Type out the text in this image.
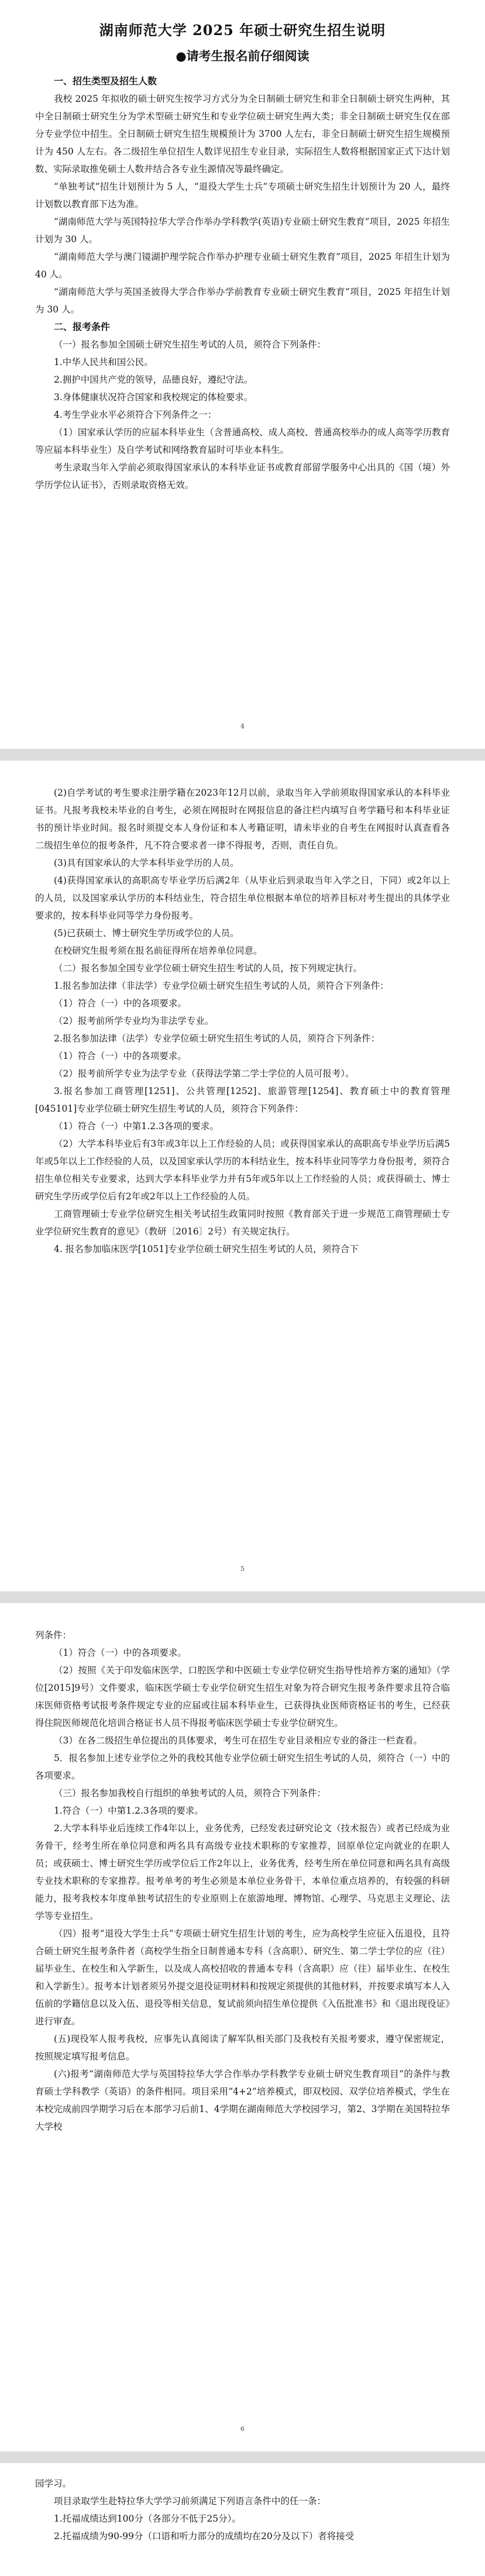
湖南师范大学 2025 年硕士研究生招生说明
●请考生报名前仔细阅读

一、招生类型及招生人数

我校 2025 年拟收的硕士研究生按学习方式分为全日制硕士研究生和非全日制硕士研究生两种，其中全日制硕士研究生分为学术型硕士研究生和专业学位硕士研究生两大类；非全日制硕士研究生仅在部分专业学位中招生。全日制硕士研究生招生规模预计为 3700 人左右，非全日制硕士研究生招生规模预计为 450 人左右。各二级招生单位招生人数详见招生专业目录，实际招生人数将根据国家正式下达计划数、实际录取推免硕士人数并结合各专业生源情况等最终确定。

“单独考试”招生计划预计为 5 人，“退役大学生士兵”专项硕士研究生招生计划预计为 20 人，最终计划数以教育部下达为准。

“湖南师范大学与英国特拉华大学合作举办学科教学(英语)专业硕士研究生教育”项目，2025 年招生计划为 30 人。

“湖南师范大学与澳门镜湖护理学院合作举办护理专业硕士研究生教育”项目，2025 年招生计划为 40 人。

“湖南师范大学与英国圣彼得大学合作举办学前教育专业硕士研究生教育”项目，2025 年招生计划为 30 人。

二、报考条件

（一）报名参加全国硕士研究生招生考试的人员，须符合下列条件：

1.中华人民共和国公民。

2.拥护中国共产党的领导，品德良好，遵纪守法。

3.身体健康状况符合国家和我校规定的体检要求。

4.考生学业水平必须符合下列条件之一：

（1）国家承认学历的应届本科毕业生（含普通高校、成人高校、普通高校举办的成人高等学历教育等应届本科毕业生）及自学考试和网络教育届时可毕业本科生。

考生录取当年入学前必须取得国家承认的本科毕业证书或教育部留学服务中心出具的《国（境）外学历学位认证书》，否则录取资格无效。

4

(2)自学考试的考生要求注册学籍在2023年12月以前，录取当年入学前须取得国家承认的本科毕业证书。凡报考我校未毕业的自考生，必须在网报时在网报信息的备注栏内填写自考学籍号和本科毕业证书的预计毕业时间。报名时须提交本人身份证和本人考籍证明，请未毕业的自考生在网报时认真查看各二级招生单位的报考条件，凡不符合要求者一律不得报考，否则，责任自负。

(3)具有国家承认的大学本科毕业学历的人员。

(4)获得国家承认的高职高专毕业学历后满2年（从毕业后到录取当年入学之日，下同）或2年以上的人员，以及国家承认学历的本科结业生，符合招生单位根据本单位的培养目标对考生提出的具体学业要求的，按本科毕业同等学力身份报考。

(5)已获硕士、博士研究生学历或学位的人员。

在校研究生报考须在报名前征得所在培养单位同意。

（二）报名参加全国专业学位硕士研究生招生考试的人员，按下列规定执行。

1.报名参加法律（非法学）专业学位硕士研究生招生考试的人员，须符合下列条件：

（1）符合（一）中的各项要求。

（2）报考前所学专业均为非法学专业。

2.报名参加法律（法学）专业学位硕士研究生招生考试的人员，须符合下列条件：

（1）符合（一）中的各项要求。

（2）报考前所学专业为法学专业（获得法学第二学士学位的人员可报考）。

3.报名参加工商管理[1251]、公共管理[1252]、旅游管理[1254]、教育硕士中的教育管理[045101]专业学位硕士研究生招生考试的人员，须符合下列条件：

（1）符合（一）中第1.2.3各项的要求。

（2）大学本科毕业后有3年或3年以上工作经验的人员；或获得国家承认的高职高专毕业学历后满5年或5年以上工作经验的人员，以及国家承认学历的本科结业生，按本科毕业同等学力身份报考，须符合招生单位相关专业要求，达到大学本科毕业学力并有5年或5年以上工作经验的人员；或获得硕士、博士研究生学历或学位后有2年或2年以上工作经验的人员。

工商管理硕士专业学位研究生相关考试招生政策同时按照《教育部关于进一步规范工商管理硕士专业学位研究生教育的意见》（教研〔2016〕2号）有关规定执行。

4. 报名参加临床医学[1051]专业学位硕士研究生招生考试的人员，须符合下

5

列条件：

（1）符合（一）中的各项要求。

（2）按照《关于印发临床医学、口腔医学和中医硕士专业学位研究生指导性培养方案的通知》（学位[2015]9号）文件要求，临床医学硕士专业学位研究生招生对象为符合研究生报考条件要求且符合临床医师资格考试报考条件规定专业的应届或往届本科毕业生，已获得执业医师资格证书的考生，已经获得住院医师规范化培训合格证书人员不得报考临床医学硕士专业学位研究生。

（3）在各二级招生单位提出的具体要求，考生可在招生专业目录相应专业的备注一栏查看。

5．报名参加上述专业学位之外的我校其他专业学位硕士研究生招生考试的人员，须符合（一）中的各项要求。

（三）报名参加我校自行组织的单独考试的人员，须符合下列条件：

1.符合（一）中第1.2.3各项的要求。

2.大学本科毕业后连续工作4年以上，业务优秀，已经发表过研究论文（技术报告）或者已经成为业务骨干，经考生所在单位同意和两名具有高级专业技术职称的专家推荐，回原单位定向就业的在职人员；或获硕士、博士研究生学历或学位后工作2年以上，业务优秀，经考生所在单位同意和两名具有高级专业技术职称的专家推荐。报考单考的考生必须是本单位业务骨干，本单位重点培养的，有较强的科研能力，报考我校本年度单独考试招生的专业原则上在旅游地理、博物馆、心理学、马克思主义理论、法学等专业招生。

（四）报考“退役大学生士兵”专项硕士研究生招生计划的考生，应为高校学生应征入伍退役，且符合硕士研究生报考条件者（高校学生指全日制普通本专科（含高职）、研究生、第二学士学位的应（往）届毕业生、在校生和入学新生，以及成人高校招收的普通本专科（含高职）应（往）届毕业生、在校生和入学新生）。报考本计划者须另外提交退役证明材料和按规定须提供的其他材料，并按要求填写本人入伍前的学籍信息以及入伍、退役等相关信息，复试前须向招生单位提供《入伍批准书》和《退出现役证》进行审查。

(五)现役军人报考我校，应事先认真阅读了解军队相关部门及我校有关报考要求，遵守保密规定，按照规定填写报考信息。

(六)报考“湖南师范大学与英国特拉华大学合作举办学科教学专业硕士研究生教育项目”的条件与教育硕士学科教学（英语）的条件相同。项目采用“4+2”培养模式，即双校园、双学位培养模式，学生在本校完成前四学期学习后在本部学习后前1、4学期在湖南师范大学校园学习，第2、3学期在美国特拉华大学校

6

园学习。

项目录取学生赴特拉华大学学习前须满足下列语言条件中的任一条：

1.托福成绩达到100分（各部分不低于25分）。

2.托福成绩为90-99分（口语和听力部分的成绩均在20分及以下）者将接受
